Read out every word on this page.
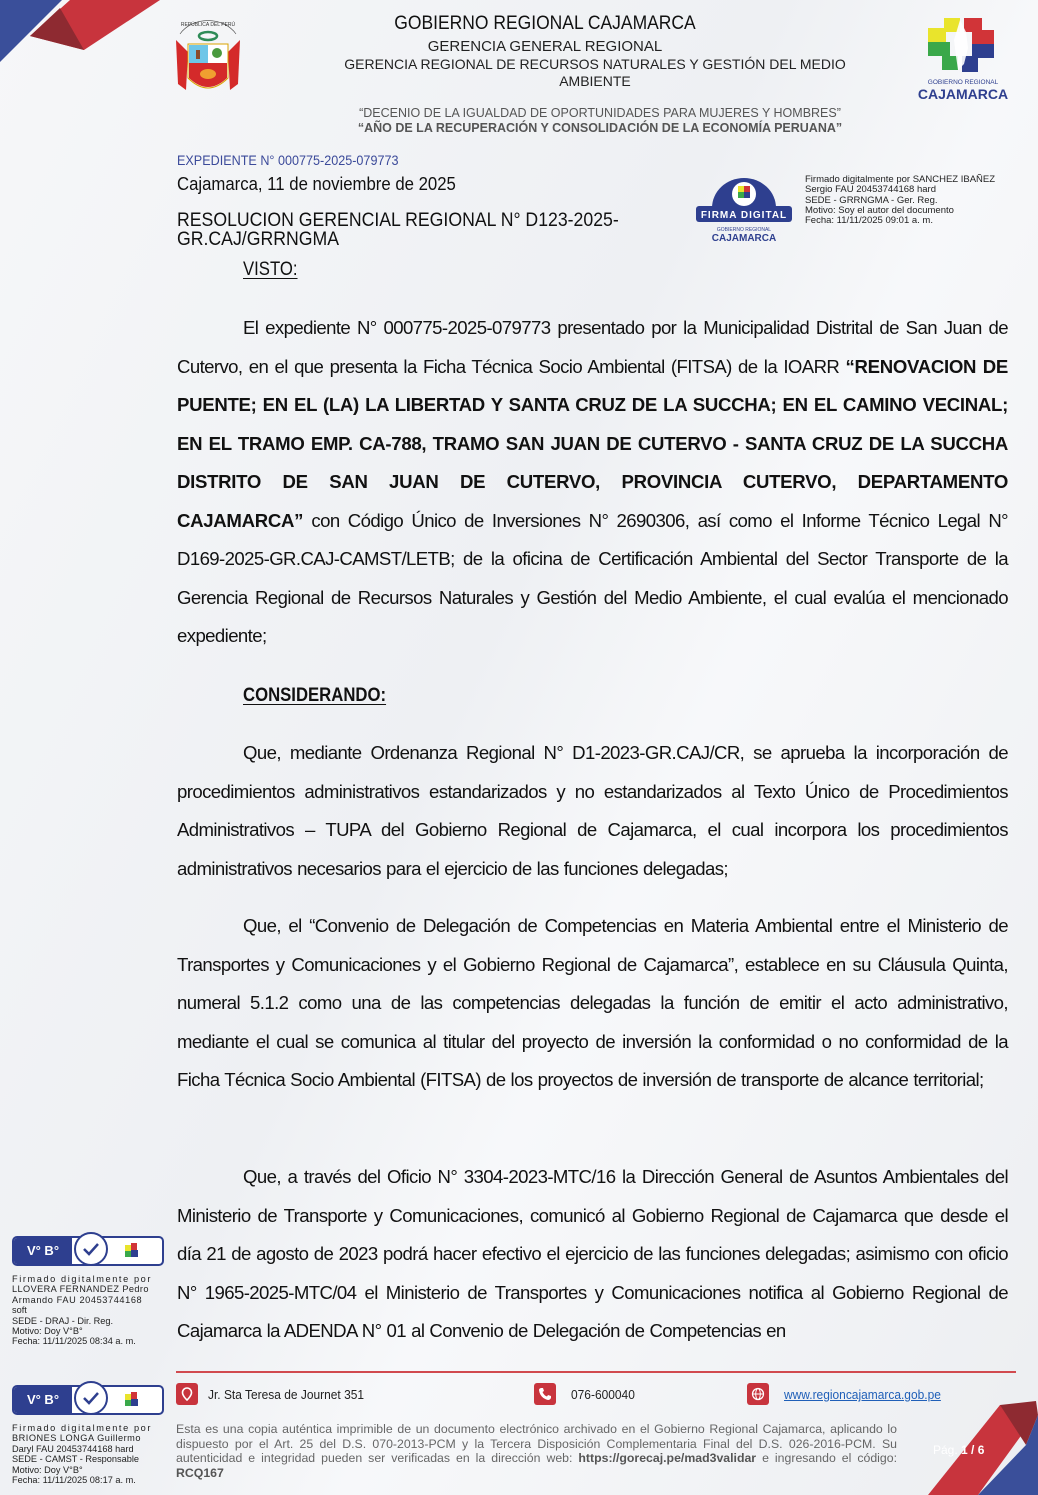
REPÚBLICA DEL PERÚ	GOBIERNO REGIONAL CAJAMARCA
GERENCIA GENERAL REGIONAL
GERENCIA REGIONAL DE RECURSOS NATURALES Y GESTIÓN DEL MEDIO AMBIENTE	GOBIERNO REGIONAL
CAJAMARCA
“DECENIO DE LA IGUALDAD DE OPORTUNIDADES PARA MUJERES Y HOMBRES”
“AÑO DE LA RECUPERACIÓN Y CONSOLIDACIÓN DE LA ECONOMÍA PERUANA”
EXPEDIENTE N° 000775-2025-079773
Cajamarca, 11 de noviembre de 2025
RESOLUCION GERENCIAL REGIONAL N° D123-2025-GR.CAJ/GRRNGMA
FIRMA DIGITAL
GOBIERNO REGIONAL
CAJAMARCA
Firmado digitalmente por SANCHEZ IBAÑEZ
Sergio FAU 20453744168 hard
SEDE - GRRNGMA - Ger. Reg.
Motivo: Soy el autor del documento
Fecha: 11/11/2025 09:01 a. m.
VISTO:

El expediente N° 000775-2025-079773 presentado por la Municipalidad Distrital de San Juan de Cutervo, en el que presenta la Ficha Técnica Socio Ambiental (FITSA) de la IOARR “RENOVACION DE PUENTE; EN EL (LA) LA LIBERTAD Y SANTA CRUZ DE LA SUCCHA; EN EL CAMINO VECINAL; EN EL TRAMO EMP. CA-788, TRAMO SAN JUAN DE CUTERVO - SANTA CRUZ DE LA SUCCHA DISTRITO DE SAN JUAN DE CUTERVO, PROVINCIA CUTERVO, DEPARTAMENTO CAJAMARCA” con Código Único de Inversiones N° 2690306, así como el Informe Técnico Legal N° D169-2025-GR.CAJ-CAMST/LETB; de la oficina de Certificación Ambiental del Sector Transporte de la Gerencia Regional de Recursos Naturales y Gestión del Medio Ambiente, el cual evalúa el mencionado expediente;

CONSIDERANDO:

Que, mediante Ordenanza Regional N° D1-2023-GR.CAJ/CR, se aprueba la incorporación de procedimientos administrativos estandarizados y no estandarizados al Texto Único de Procedimientos Administrativos – TUPA del Gobierno Regional de Cajamarca, el cual incorpora los procedimientos administrativos necesarios para el ejercicio de las funciones delegadas;

Que, el “Convenio de Delegación de Competencias en Materia Ambiental entre el Ministerio de Transportes y Comunicaciones y el Gobierno Regional de Cajamarca”, establece en su Cláusula Quinta, numeral 5.1.2 como una de las competencias delegadas la función de emitir el acto administrativo, mediante el cual se comunica al titular del proyecto de inversión la conformidad o no conformidad de la Ficha Técnica Socio Ambiental (FITSA) de los proyectos de inversión de transporte de alcance territorial;

Que, a través del Oficio N° 3304-2023-MTC/16 la Dirección General de Asuntos Ambientales del Ministerio de Transporte y Comunicaciones, comunicó al Gobierno Regional de Cajamarca que desde el día 21 de agosto de 2023 podrá hacer efectivo el ejercicio de las funciones delegadas; asimismo con oficio N° 1965-2025-MTC/04 el Ministerio de Transportes y Comunicaciones notifica al Gobierno Regional de Cajamarca la ADENDA N° 01 al Convenio de Delegación de Competencias en

V° B°
Firmado digitalmente por
LLOVERA FERNANDEZ Pedro
Armando FAU 20453744168
soft
SEDE - DRAJ - Dir. Reg.
Motivo: Doy V°B°
Fecha: 11/11/2025 08:34 a. m.
V° B°
Firmado digitalmente por
BRIONES LONGA Guillermo
Daryl FAU 20453744168 hard
SEDE - CAMST - Responsable
Motivo: Doy V°B°
Fecha: 11/11/2025 08:17 a. m.
Jr. Sta Teresa de Journet 351	076-600040	www.regioncajamarca.gob.pe
Esta es una copia auténtica imprimible de un documento electrónico archivado en el Gobierno Regional Cajamarca, aplicando lo dispuesto por el Art. 25 del D.S. 070-2013-PCM y la Tercera Disposición Complementaria Final del D.S. 026-2016-PCM. Su autenticidad e integridad pueden ser verificadas en la dirección web: https://gorecaj.pe/mad3validar e ingresando el código: RCQ167
Pág. 1 / 6
